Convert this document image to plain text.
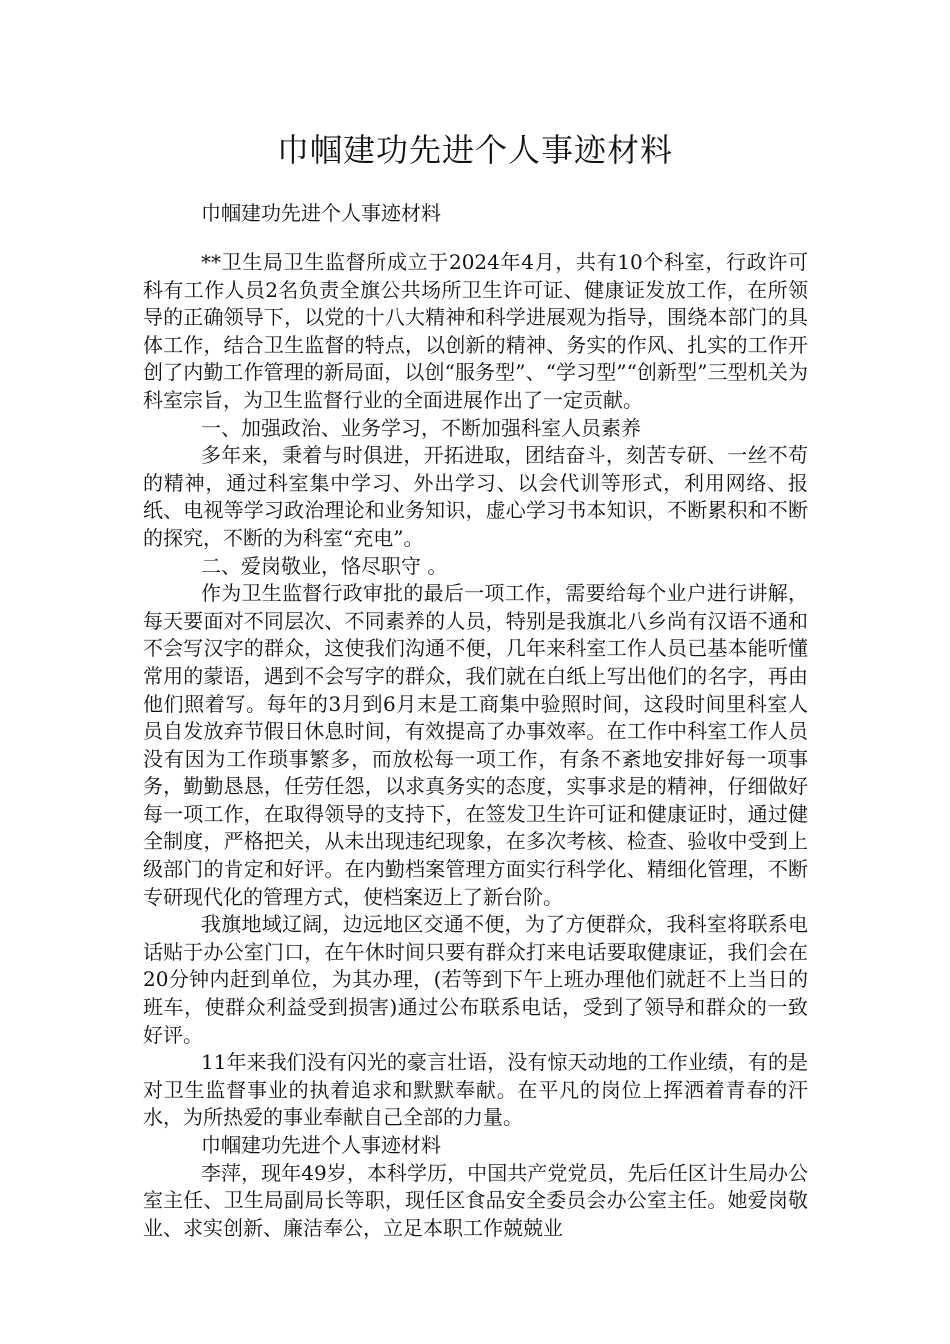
巾帼建功先进个人事迹材料

巾帼建功先进个人事迹材料

**卫生局卫生监督所成立于2024年4月，共有10个科室，行政许可科有工作人员2名负责全旗公共场所卫生许可证、健康证发放工作，在所领导的正确领导下，以党的十八大精神和科学进展观为指导，围绕本部门的具体工作，结合卫生监督的特点，以创新的精神、务实的作风、扎实的工作开创了内勤工作管理的新局面，以创“服务型”、“学习型”“创新型”三型机关为科室宗旨，为卫生监督行业的全面进展作出了一定贡献。

一、加强政治、业务学习，不断加强科室人员素养

多年来，秉着与时俱进，开拓进取，团结奋斗，刻苦专研、一丝不苟的精神，通过科室集中学习、外出学习、以会代训等形式，利用网络、报纸、电视等学习政治理论和业务知识，虚心学习书本知识，不断累积和不断的探究，不断的为科室“充电”。

二、爱岗敬业，恪尽职守 。

作为卫生监督行政审批的最后一项工作，需要给每个业户进行讲解，每天要面对不同层次、不同素养的人员，特别是我旗北八乡尚有汉语不通和不会写汉字的群众，这使我们沟通不便，几年来科室工作人员已基本能听懂常用的蒙语，遇到不会写字的群众，我们就在白纸上写出他们的名字，再由他们照着写。每年的3月到6月末是工商集中验照时间，这段时间里科室人员自发放弃节假日休息时间，有效提高了办事效率。在工作中科室工作人员没有因为工作琐事繁多，而放松每一项工作，有条不紊地安排好每一项事务，勤勤恳恳，任劳任怨，以求真务实的态度，实事求是的精神，仔细做好每一项工作，在取得领导的支持下，在签发卫生许可证和健康证时，通过健全制度，严格把关，从未出现违纪现象，在多次考核、检查、验收中受到上级部门的肯定和好评。在内勤档案管理方面实行科学化、精细化管理，不断专研现代化的管理方式，使档案迈上了新台阶。

我旗地域辽阔，边远地区交通不便，为了方便群众，我科室将联系电话贴于办公室门口，在午休时间只要有群众打来电话要取健康证，我们会在20分钟内赶到单位，为其办理，(若等到下午上班办理他们就赶不上当日的班车，使群众利益受到损害)通过公布联系电话，受到了领导和群众的一致好评。

11年来我们没有闪光的豪言壮语，没有惊天动地的工作业绩，有的是对卫生监督事业的执着追求和默默奉献。在平凡的岗位上挥洒着青春的汗水，为所热爱的事业奉献自己全部的力量。

巾帼建功先进个人事迹材料

李萍，现年49岁，本科学历，中国共产党党员，先后任区计生局办公室主任、卫生局副局长等职，现任区食品安全委员会办公室主任。她爱岗敬业、求实创新、廉洁奉公，立足本职工作兢兢业
